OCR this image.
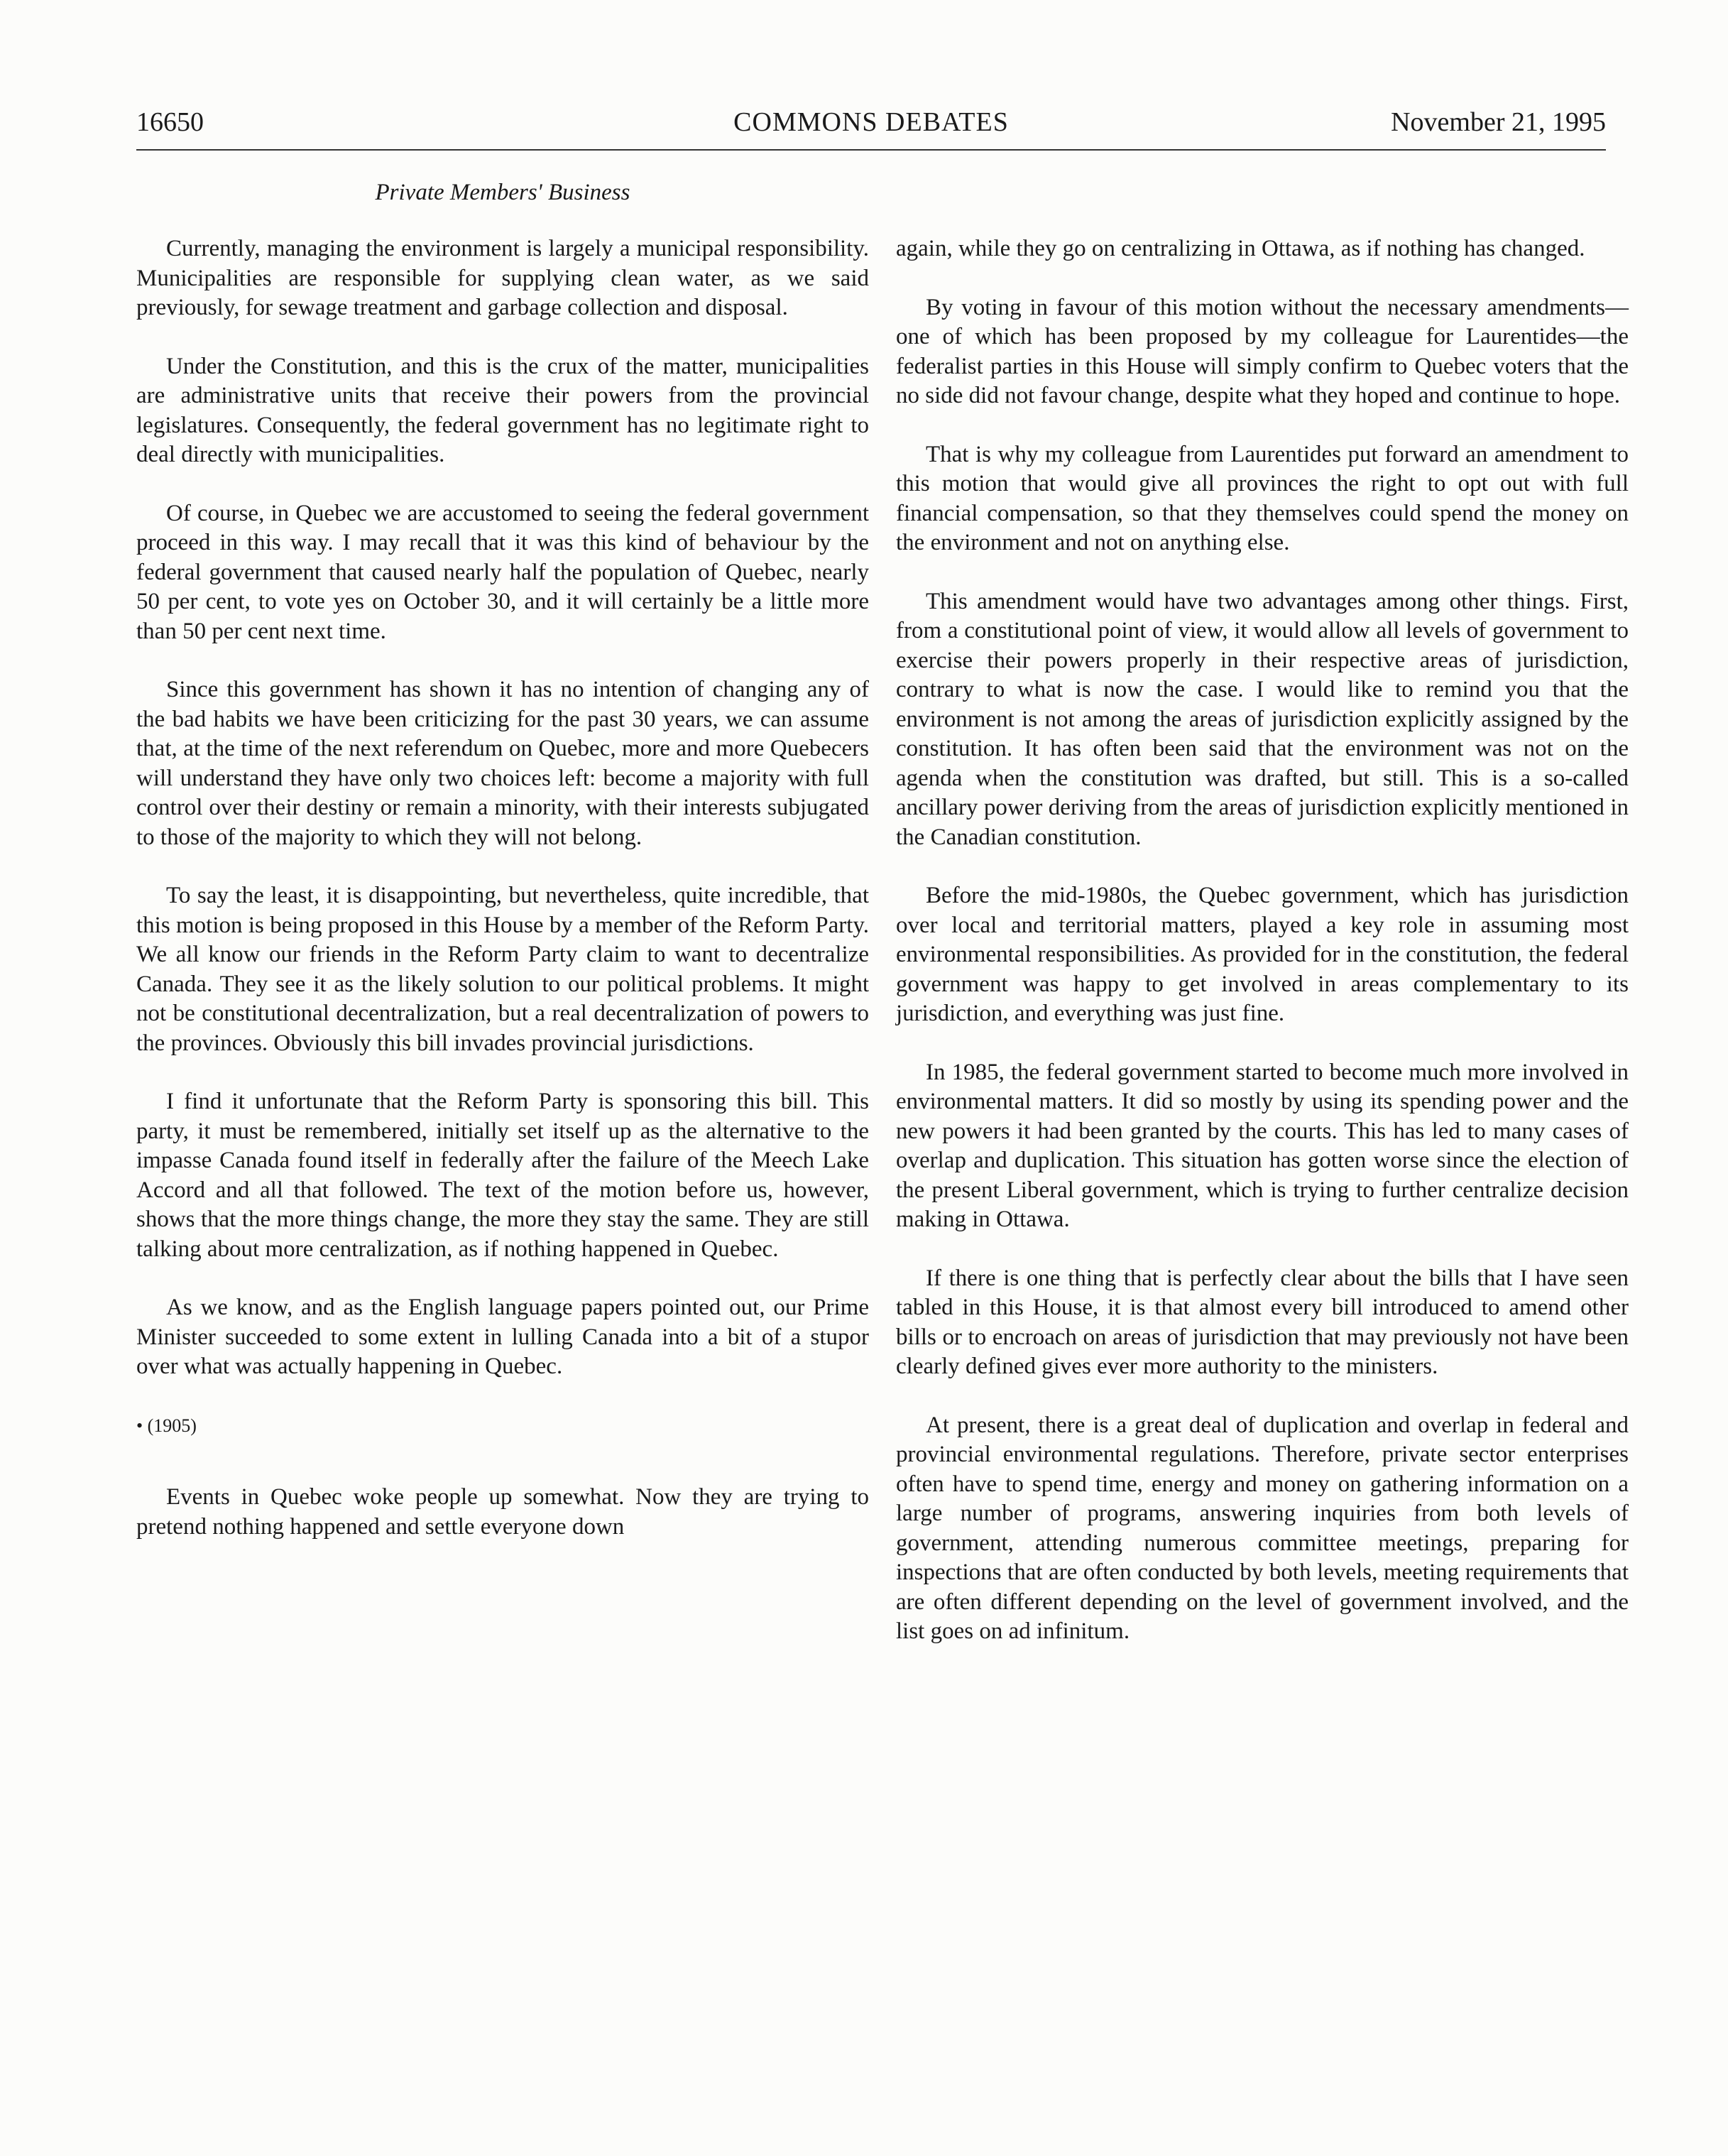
16650	COMMONS DEBATES	November 21, 1995
Private Members' Business

Currently, managing the environment is largely a municipal responsibility. Municipalities are responsible for supplying clean water, as we said previously, for sewage treatment and garbage collection and disposal.

Under the Constitution, and this is the crux of the matter, municipalities are administrative units that receive their powers from the provincial legislatures. Consequently, the federal government has no legitimate right to deal directly with municipalities.

Of course, in Quebec we are accustomed to seeing the federal government proceed in this way. I may recall that it was this kind of behaviour by the federal government that caused nearly half the population of Quebec, nearly 50 per cent, to vote yes on October 30, and it will certainly be a little more than 50 per cent next time.

Since this government has shown it has no intention of changing any of the bad habits we have been criticizing for the past 30 years, we can assume that, at the time of the next referendum on Quebec, more and more Quebecers will understand they have only two choices left: become a majority with full control over their destiny or remain a minority, with their interests subjugated to those of the majority to which they will not belong.

To say the least, it is disappointing, but nevertheless, quite incredible, that this motion is being proposed in this House by a member of the Reform Party. We all know our friends in the Reform Party claim to want to decentralize Canada. They see it as the likely solution to our political problems. It might not be constitutional decentralization, but a real decentralization of powers to the provinces. Obviously this bill invades provincial jurisdictions.

I find it unfortunate that the Reform Party is sponsoring this bill. This party, it must be remembered, initially set itself up as the alternative to the impasse Canada found itself in federally after the failure of the Meech Lake Accord and all that followed. The text of the motion before us, however, shows that the more things change, the more they stay the same. They are still talking about more centralization, as if nothing happened in Quebec.

As we know, and as the English language papers pointed out, our Prime Minister succeeded to some extent in lulling Canada into a bit of a stupor over what was actually happening in Quebec.

• (1905)

Events in Quebec woke people up somewhat. Now they are trying to pretend nothing happened and settle everyone down

again, while they go on centralizing in Ottawa, as if nothing has changed.

By voting in favour of this motion without the necessary amendments—one of which has been proposed by my colleague for Laurentides—the federalist parties in this House will simply confirm to Quebec voters that the no side did not favour change, despite what they hoped and continue to hope.

That is why my colleague from Laurentides put forward an amendment to this motion that would give all provinces the right to opt out with full financial compensation, so that they themselves could spend the money on the environment and not on anything else.

This amendment would have two advantages among other things. First, from a constitutional point of view, it would allow all levels of government to exercise their powers properly in their respective areas of jurisdiction, contrary to what is now the case. I would like to remind you that the environment is not among the areas of jurisdiction explicitly assigned by the constitution. It has often been said that the environment was not on the agenda when the constitution was drafted, but still. This is a so-called ancillary power deriving from the areas of jurisdiction explicitly mentioned in the Canadian constitution.

Before the mid-1980s, the Quebec government, which has jurisdiction over local and territorial matters, played a key role in assuming most environmental responsibilities. As provided for in the constitution, the federal government was happy to get involved in areas complementary to its jurisdiction, and everything was just fine.

In 1985, the federal government started to become much more involved in environmental matters. It did so mostly by using its spending power and the new powers it had been granted by the courts. This has led to many cases of overlap and duplication. This situation has gotten worse since the election of the present Liberal government, which is trying to further centralize decision making in Ottawa.

If there is one thing that is perfectly clear about the bills that I have seen tabled in this House, it is that almost every bill introduced to amend other bills or to encroach on areas of jurisdiction that may previously not have been clearly defined gives ever more authority to the ministers.

At present, there is a great deal of duplication and overlap in federal and provincial environmental regulations. Therefore, private sector enterprises often have to spend time, energy and money on gathering information on a large number of programs, answering inquiries from both levels of government, attending numerous committee meetings, preparing for inspections that are often conducted by both levels, meeting requirements that are often different depending on the level of government involved, and the list goes on ad infinitum.
